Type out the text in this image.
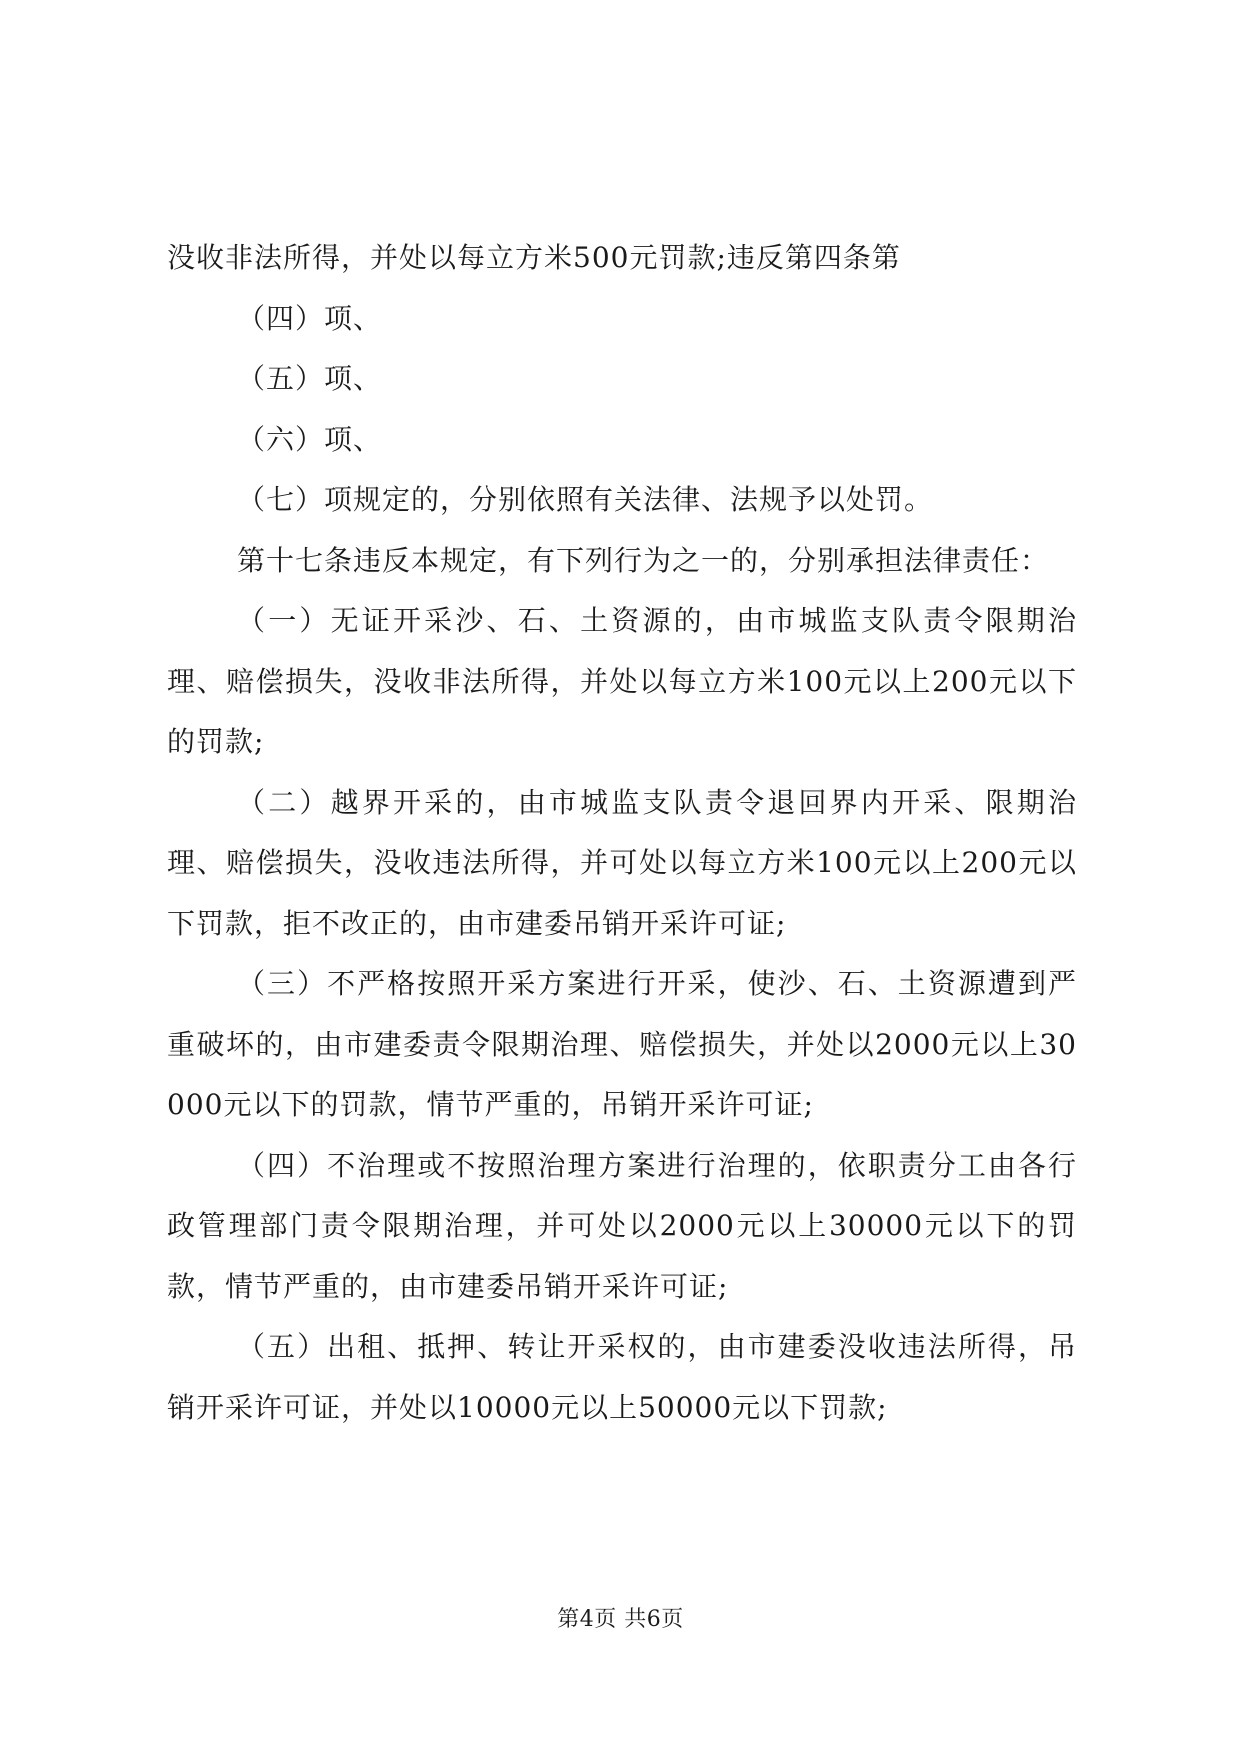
没收非法所得，并处以每立方米500元罚款;违反第四条第

（四）项、

（五）项、

（六）项、

（七）项规定的，分别依照有关法律、法规予以处罚。

第十七条违反本规定，有下列行为之一的，分别承担法律责任：

（一）无证开采沙、石、土资源的，由市城监支队责令限期治理、赔偿损失，没收非法所得，并处以每立方米100元以上200元以下的罚款;

（二）越界开采的，由市城监支队责令退回界内开采、限期治理、赔偿损失，没收违法所得，并可处以每立方米100元以上200元以下罚款，拒不改正的，由市建委吊销开采许可证;

（三）不严格按照开采方案进行开采，使沙、石、土资源遭到严重破坏的，由市建委责令限期治理、赔偿损失，并处以2000元以上30000元以下的罚款，情节严重的，吊销开采许可证;

（四）不治理或不按照治理方案进行治理的，依职责分工由各行政管理部门责令限期治理，并可处以2000元以上30000元以下的罚款，情节严重的，由市建委吊销开采许可证;

（五）出租、抵押、转让开采权的，由市建委没收违法所得，吊销开采许可证，并处以10000元以上50000元以下罚款;

第4页 共6页
